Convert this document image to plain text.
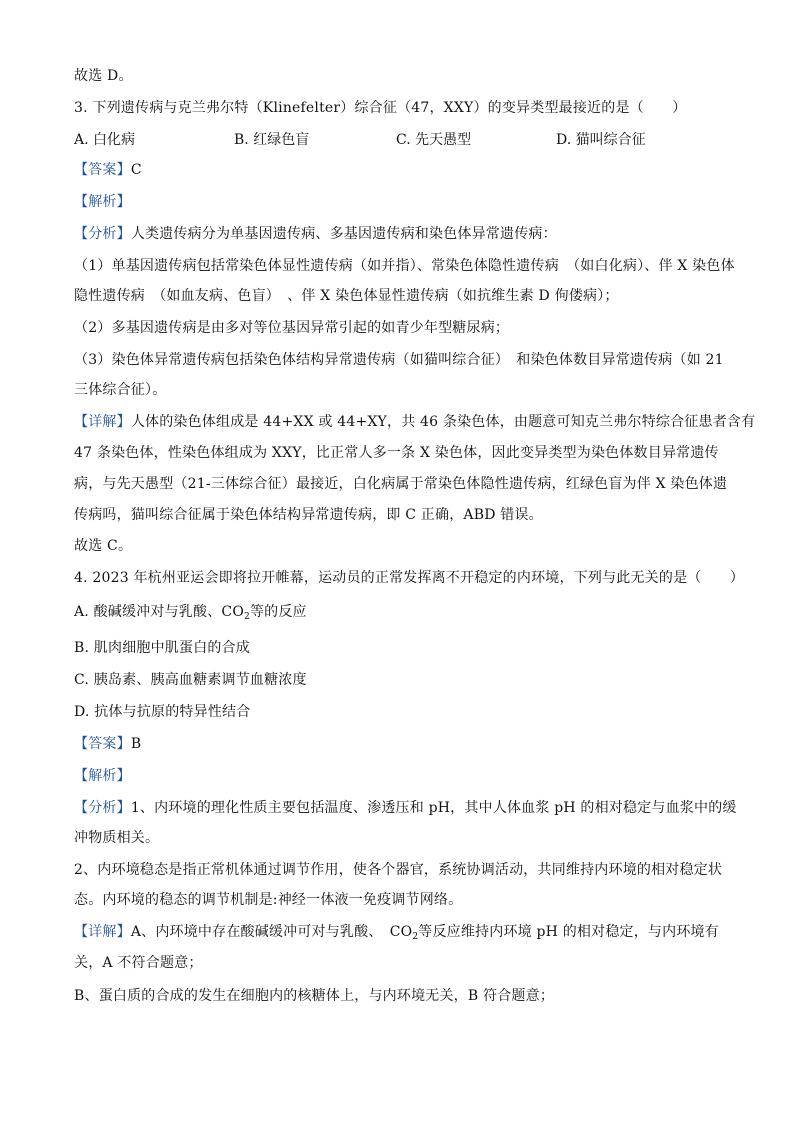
故选 D。
3. 下列遗传病与克兰弗尔特（Klinefelter）综合征（47，XXY）的变异类型最接近的是（　　）
A. 白化病	B. 红绿色盲	C. 先天愚型	D. 猫叫综合征
【答案】C
【解析】
【分析】人类遗传病分为单基因遗传病、多基因遗传病和染色体异常遗传病：
（1）单基因遗传病包括常染色体显性遗传病（如并指）、常染色体隐性遗传病　（如白化病）、伴 X 染色体
隐性遗传病　（如血友病、色盲）　、伴 X 染色体显性遗传病（如抗维生素 D 佝偻病）；
（2）多基因遗传病是由多对等位基因异常引起的如青少年型糖尿病；
（3）染色体异常遗传病包括染色体结构异常遗传病（如猫叫综合征）　和染色体数目异常遗传病（如 21
三体综合征）。
【详解】人体的染色体组成是 44+XX 或 44+XY，共 46 条染色体，由题意可知克兰弗尔特综合征患者含有
47 条染色体，性染色体组成为 XXY，比正常人多一条 X 染色体，因此变异类型为染色体数目异常遗传
病，与先天愚型（21-三体综合征）最接近，白化病属于常染色体隐性遗传病，红绿色盲为伴 X 染色体遗
传病吗，猫叫综合征属于染色体结构异常遗传病，即 C 正确，ABD 错误。
故选 C。
4. 2023 年杭州亚运会即将拉开帷幕，运动员的正常发挥离不开稳定的内环境，下列与此无关的是（　　）
A. 酸碱缓冲对与乳酸、$CO_2$等的反应
B. 肌肉细胞中肌蛋白的合成
C. 胰岛素、胰高血糖素调节血糖浓度
D. 抗体与抗原的特异性结合
【答案】B
【解析】
【分析】1、内环境的理化性质主要包括温度、渗透压和 pH，其中人体血浆 pH 的相对稳定与血浆中的缓
冲物质相关。
2、内环境稳态是指正常机体通过调节作用，使各个器官，系统协调活动，共同维持内环境的相对稳定状
态。内环境的稳态的调节机制是:神经一体液一免疫调节网络。
【详解】A、内环境中存在酸碱缓冲可对与乳酸、　$CO_2$等反应维持内环境 pH 的相对稳定，与内环境有
关，A 不符合题意；
B、蛋白质的合成的发生在细胞内的核糖体上，与内环境无关，B 符合题意；
